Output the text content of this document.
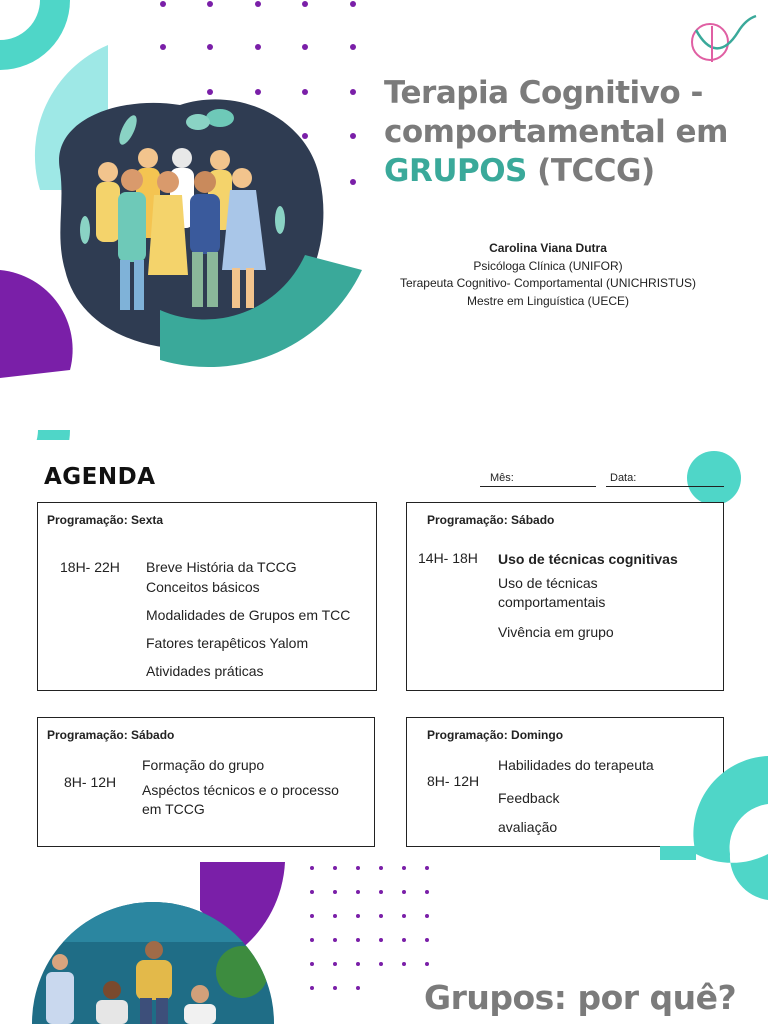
Terapia Cognitivo -
comportamental em
GRUPOS (TCCG)
Carolina Viana Dutra
Psicóloga Clínica (UNIFOR)
Terapeuta Cognitivo- Comportamental (UNICHRISTUS)
Mestre em Linguística (UECE)
AGENDA	Mês:	Data:
Programação: Sexta
18H- 22H Breve História da TCCG
Conceitos básicos
Modalidades de Grupos em TCC
Fatores terapêticos Yalom
Atividades práticas
Programação: Sábado
14H- 18H Uso de técnicas cognitivas
Uso de técnicas
comportamentais
Vivência em grupo
Programação: Sábado
8H- 12H
Formação do grupo
Aspéctos técnicos e o processo
em TCCG
Programação: Domingo
8H- 12H
Habilidades do terapeuta
Feedback
avaliação
Grupos: por quê?
